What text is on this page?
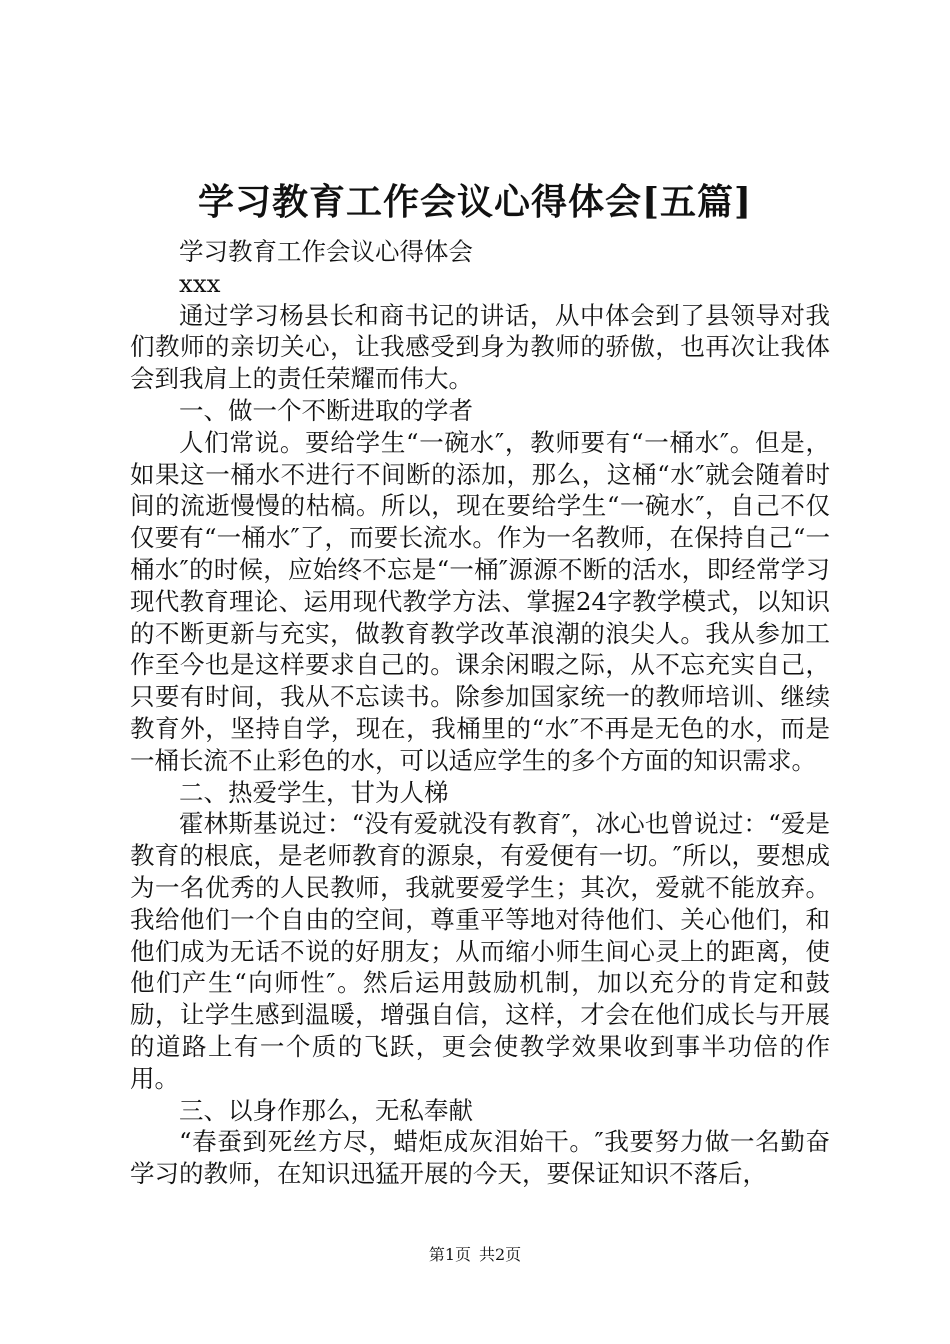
学习教育工作会议心得体会[五篇]

学习教育工作会议心得体会

xxx

通过学习杨县长和商书记的讲话，从中体会到了县领导对我们教师的亲切关心，让我感受到身为教师的骄傲，也再次让我体会到我肩上的责任荣耀而伟大。

一、做一个不断进取的学者

人们常说。要给学生“一碗水″，教师要有“一桶水″。但是，如果这一桶水不进行不间断的添加，那么，这桶“水″就会随着时间的流逝慢慢的枯槁。所以，现在要给学生“一碗水″，自己不仅仅要有“一桶水″了，而要长流水。作为一名教师，在保持自己“一桶水″的时候，应始终不忘是“一桶″源源不断的活水，即经常学习现代教育理论、运用现代教学方法、掌握24字教学模式，以知识的不断更新与充实，做教育教学改革浪潮的浪尖人。我从参加工作至今也是这样要求自己的。课余闲暇之际，从不忘充实自己，只要有时间，我从不忘读书。除参加国家统一的教师培训、继续教育外，坚持自学，现在，我桶里的“水″不再是无色的水，而是一桶长流不止彩色的水，可以适应学生的多个方面的知识需求。

二、热爱学生，甘为人梯

霍林斯基说过：“没有爱就没有教育″，冰心也曾说过：“爱是教育的根底，是老师教育的源泉，有爱便有一切。″所以，要想成为一名优秀的人民教师，我就要爱学生；其次，爱就不能放弃。我给他们一个自由的空间，尊重平等地对待他们、关心他们，和他们成为无话不说的好朋友；从而缩小师生间心灵上的距离，使他们产生“向师性″。然后运用鼓励机制，加以充分的肯定和鼓励，让学生感到温暖，增强自信，这样，才会在他们成长与开展的道路上有一个质的飞跃，更会使教学效果收到事半功倍的作用。

三、以身作那么，无私奉献

“春蚕到死丝方尽，蜡炬成灰泪始干。″我要努力做一名勤奋学习的教师，在知识迅猛开展的今天，要保证知识不落后，

第1页 共2页
